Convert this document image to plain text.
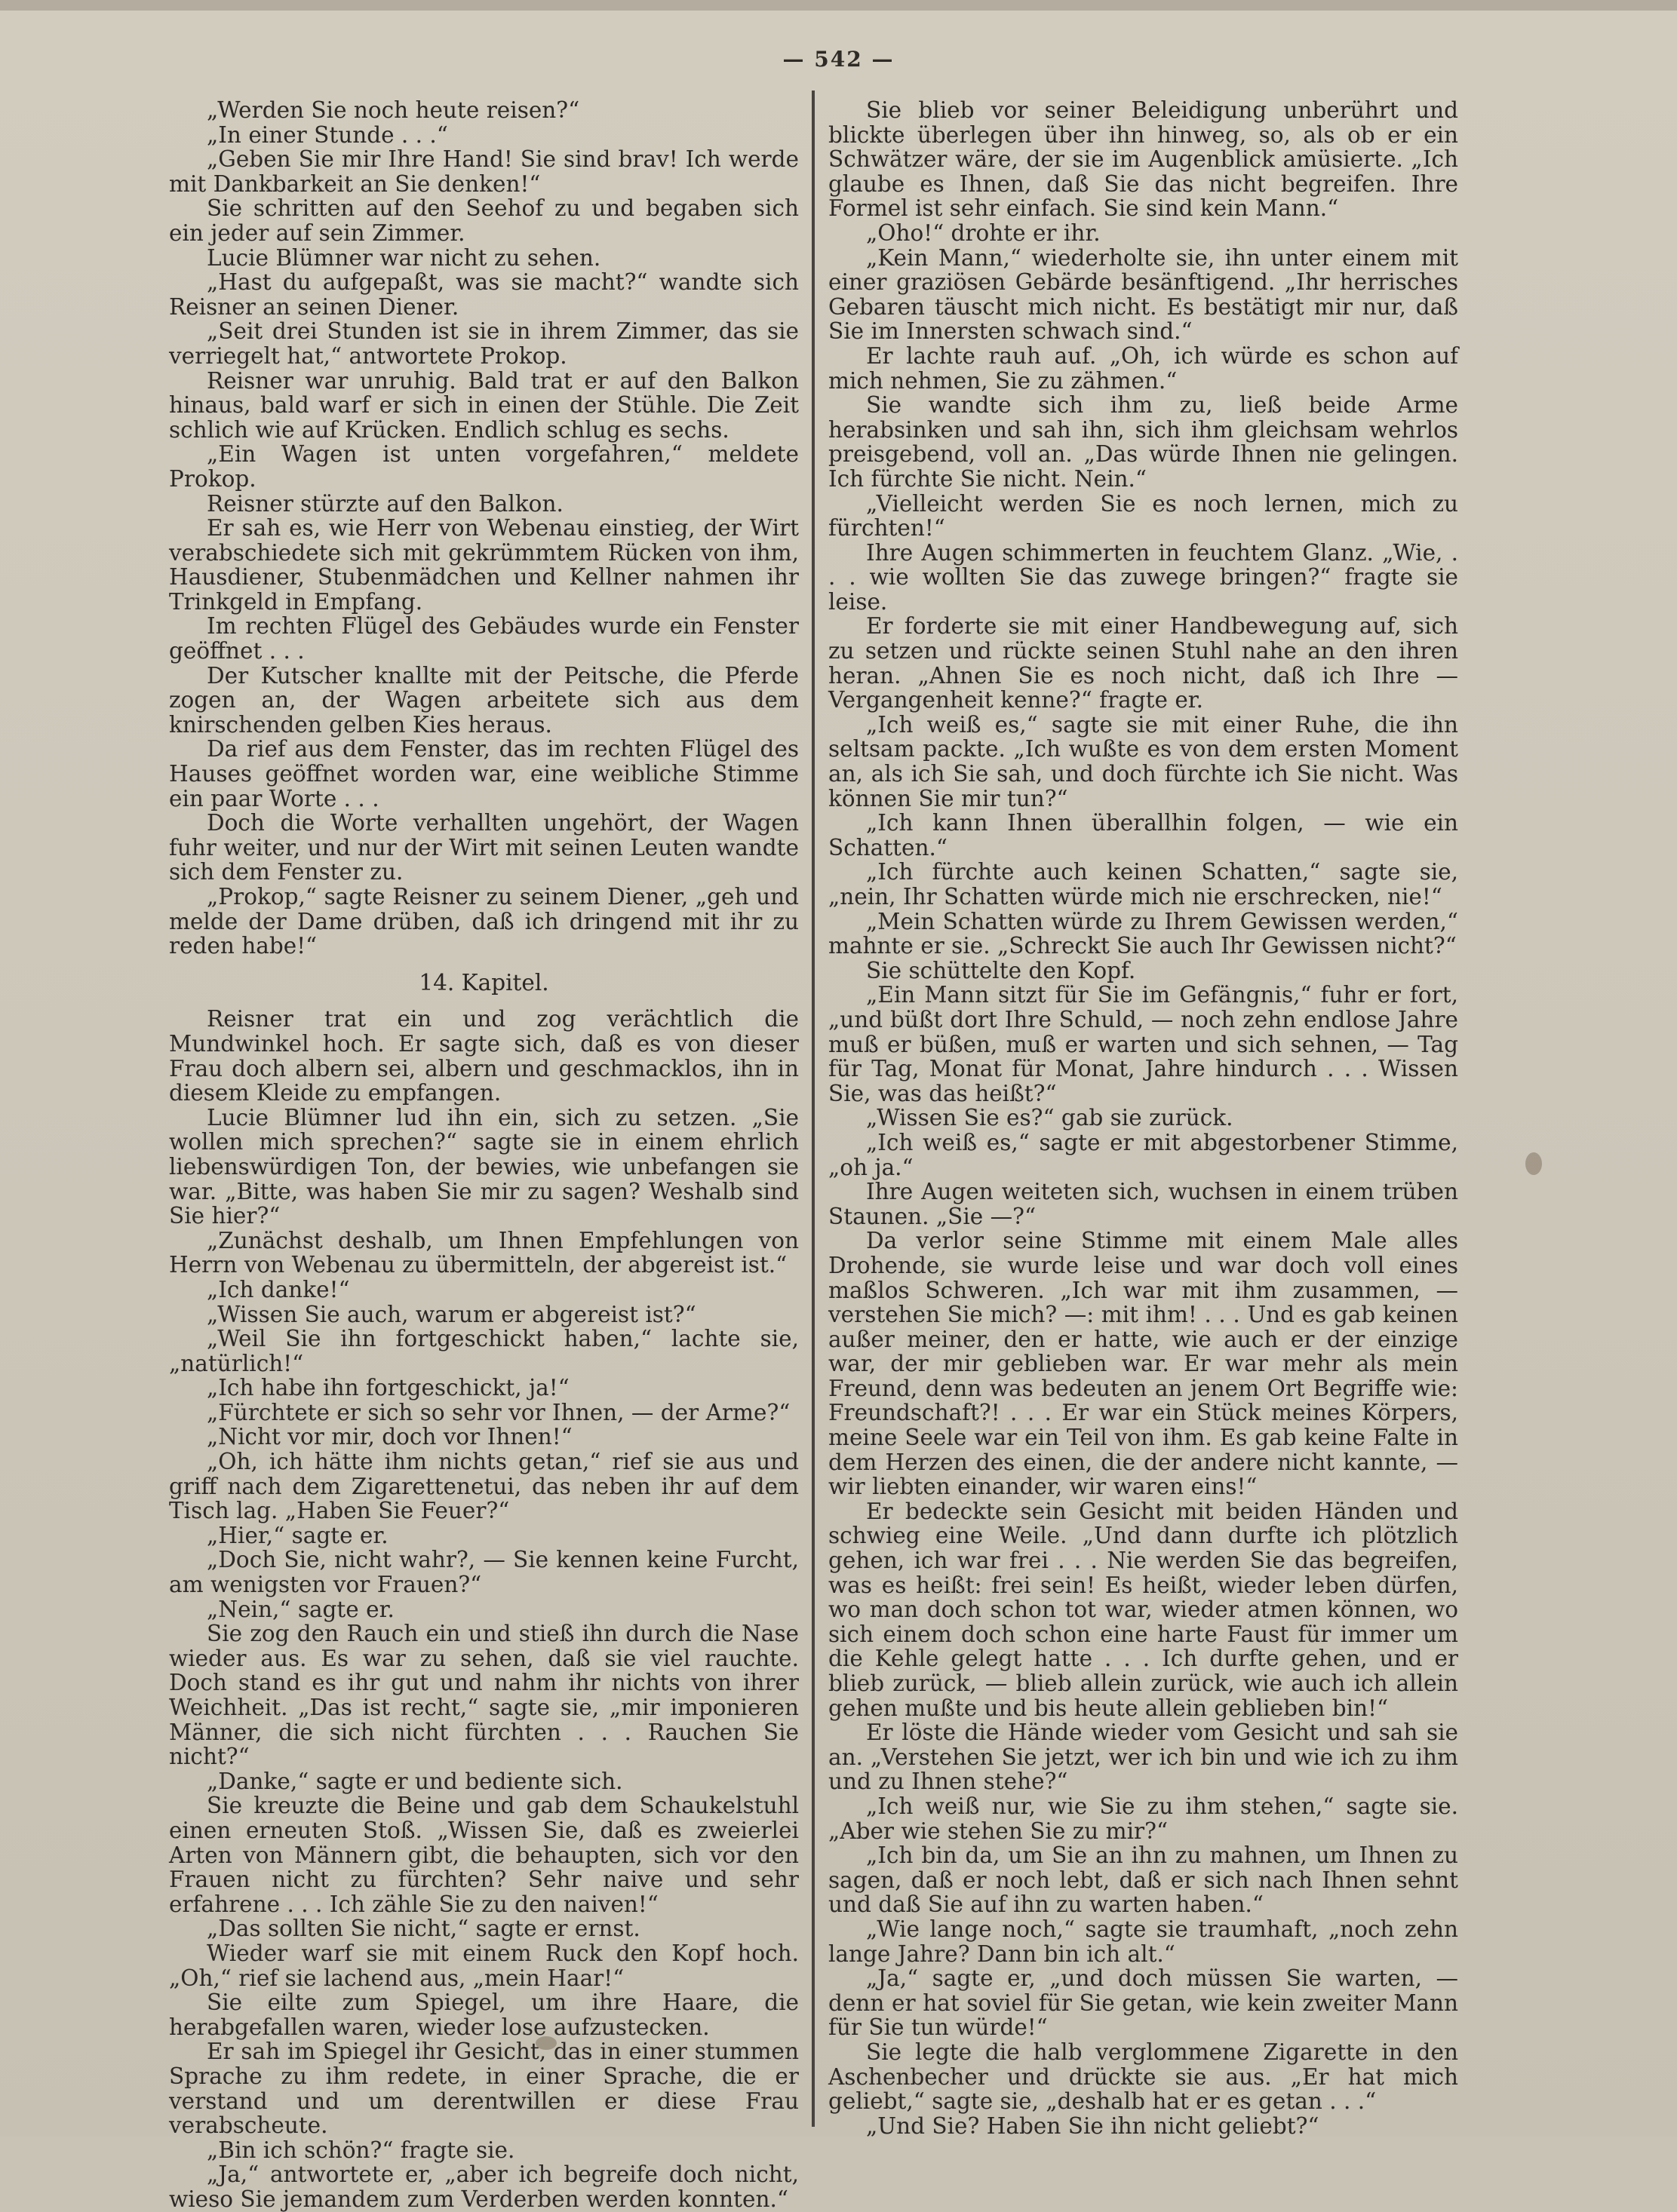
— 542 —

„Werden Sie noch heute reisen?“

„In einer Stunde . . .“

„Geben Sie mir Ihre Hand! Sie sind brav! Ich werde mit Dankbarkeit an Sie denken!“

Sie schritten auf den Seehof zu und begaben sich ein jeder auf sein Zimmer.

Lucie Blümner war nicht zu sehen.

„Hast du aufgepaßt, was sie macht?“ wandte sich Reisner an seinen Diener.

„Seit drei Stunden ist sie in ihrem Zimmer, das sie verriegelt hat,“ antwortete Prokop.

Reisner war unruhig. Bald trat er auf den Balkon hinaus, bald warf er sich in einen der Stühle. Die Zeit schlich wie auf Krücken. Endlich schlug es sechs.

„Ein Wagen ist unten vorgefahren,“ meldete Prokop.

Reisner stürzte auf den Balkon.

Er sah es, wie Herr von Webenau einstieg, der Wirt verabschiedete sich mit gekrümmtem Rücken von ihm, Hausdiener, Stubenmädchen und Kellner nahmen ihr Trinkgeld in Empfang.

Im rechten Flügel des Gebäudes wurde ein Fenster geöffnet . . .

Der Kutscher knallte mit der Peitsche, die Pferde zogen an, der Wagen arbeitete sich aus dem knirschenden gelben Kies heraus.

Da rief aus dem Fenster, das im rechten Flügel des Hauses geöffnet worden war, eine weibliche Stimme ein paar Worte . . .

Doch die Worte verhallten ungehört, der Wagen fuhr weiter, und nur der Wirt mit seinen Leuten wandte sich dem Fenster zu.

„Prokop,“ sagte Reisner zu seinem Diener, „geh und melde der Dame drüben, daß ich dringend mit ihr zu reden habe!“

14. Kapitel.

Reisner trat ein und zog verächtlich die Mundwinkel hoch. Er sagte sich, daß es von dieser Frau doch albern sei, albern und geschmacklos, ihn in diesem Kleide zu empfangen.

Lucie Blümner lud ihn ein, sich zu setzen. „Sie wollen mich sprechen?“ sagte sie in einem ehrlich liebenswürdigen Ton, der bewies, wie unbefangen sie war. „Bitte, was haben Sie mir zu sagen? Weshalb sind Sie hier?“

„Zunächst deshalb, um Ihnen Empfehlungen von Herrn von Webenau zu übermitteln, der abgereist ist.“

„Ich danke!“

„Wissen Sie auch, warum er abgereist ist?“

„Weil Sie ihn fortgeschickt haben,“ lachte sie, „natürlich!“

„Ich habe ihn fortgeschickt, ja!“

„Fürchtete er sich so sehr vor Ihnen, — der Arme?“

„Nicht vor mir, doch vor Ihnen!“

„Oh, ich hätte ihm nichts getan,“ rief sie aus und griff nach dem Zigarettenetui, das neben ihr auf dem Tisch lag. „Haben Sie Feuer?“

„Hier,“ sagte er.

„Doch Sie, nicht wahr?, — Sie kennen keine Furcht, am wenigsten vor Frauen?“

„Nein,“ sagte er.

Sie zog den Rauch ein und stieß ihn durch die Nase wieder aus. Es war zu sehen, daß sie viel rauchte. Doch stand es ihr gut und nahm ihr nichts von ihrer Weichheit. „Das ist recht,“ sagte sie, „mir imponieren Männer, die sich nicht fürchten . . . Rauchen Sie nicht?“

„Danke,“ sagte er und bediente sich.

Sie kreuzte die Beine und gab dem Schaukelstuhl einen erneuten Stoß. „Wissen Sie, daß es zweierlei Arten von Männern gibt, die behaupten, sich vor den Frauen nicht zu fürchten? Sehr naive und sehr erfahrene . . . Ich zähle Sie zu den naiven!“

„Das sollten Sie nicht,“ sagte er ernst.

Wieder warf sie mit einem Ruck den Kopf hoch. „Oh,“ rief sie lachend aus, „mein Haar!“

Sie eilte zum Spiegel, um ihre Haare, die herabgefallen waren, wieder lose aufzustecken.

Er sah im Spiegel ihr Gesicht, das in einer stummen Sprache zu ihm redete, in einer Sprache, die er verstand und um derentwillen er diese Frau verabscheute.

„Bin ich schön?“ fragte sie.

„Ja,“ antwortete er, „aber ich begreife doch nicht, wieso Sie jemandem zum Verderben werden konnten.“

Sie blieb vor seiner Beleidigung unberührt und blickte überlegen über ihn hinweg, so, als ob er ein Schwätzer wäre, der sie im Augenblick amüsierte. „Ich glaube es Ihnen, daß Sie das nicht begreifen. Ihre Formel ist sehr einfach. Sie sind kein Mann.“

„Oho!“ drohte er ihr.

„Kein Mann,“ wiederholte sie, ihn unter einem mit einer graziösen Gebärde besänftigend. „Ihr herrisches Gebaren täuscht mich nicht. Es bestätigt mir nur, daß Sie im Innersten schwach sind.“

Er lachte rauh auf. „Oh, ich würde es schon auf mich nehmen, Sie zu zähmen.“

Sie wandte sich ihm zu, ließ beide Arme herabsinken und sah ihn, sich ihm gleichsam wehrlos preisgebend, voll an. „Das würde Ihnen nie gelingen. Ich fürchte Sie nicht. Nein.“

„Vielleicht werden Sie es noch lernen, mich zu fürchten!“

Ihre Augen schimmerten in feuchtem Glanz. „Wie, . . . wie wollten Sie das zuwege bringen?“ fragte sie leise.

Er forderte sie mit einer Handbewegung auf, sich zu setzen und rückte seinen Stuhl nahe an den ihren heran. „Ahnen Sie es noch nicht, daß ich Ihre — Vergangenheit kenne?“ fragte er.

„Ich weiß es,“ sagte sie mit einer Ruhe, die ihn seltsam packte. „Ich wußte es von dem ersten Moment an, als ich Sie sah, und doch fürchte ich Sie nicht. Was können Sie mir tun?“

„Ich kann Ihnen überallhin folgen, — wie ein Schatten.“

„Ich fürchte auch keinen Schatten,“ sagte sie, „nein, Ihr Schatten würde mich nie erschrecken, nie!“

„Mein Schatten würde zu Ihrem Gewissen werden,“ mahnte er sie. „Schreckt Sie auch Ihr Gewissen nicht?“

Sie schüttelte den Kopf.

„Ein Mann sitzt für Sie im Gefängnis,“ fuhr er fort, „und büßt dort Ihre Schuld, — noch zehn endlose Jahre muß er büßen, muß er warten und sich sehnen, — Tag für Tag, Monat für Monat, Jahre hindurch . . . Wissen Sie, was das heißt?“

„Wissen Sie es?“ gab sie zurück.

„Ich weiß es,“ sagte er mit abgestorbener Stimme, „oh ja.“

Ihre Augen weiteten sich, wuchsen in einem trüben Staunen. „Sie —?“

Da verlor seine Stimme mit einem Male alles Drohende, sie wurde leise und war doch voll eines maßlos Schweren. „Ich war mit ihm zusammen, — verstehen Sie mich? —: mit ihm! . . . Und es gab keinen außer meiner, den er hatte, wie auch er der einzige war, der mir geblieben war. Er war mehr als mein Freund, denn was bedeuten an jenem Ort Begriffe wie: Freundschaft?! . . . Er war ein Stück meines Körpers, meine Seele war ein Teil von ihm. Es gab keine Falte in dem Herzen des einen, die der andere nicht kannte, — wir liebten einander, wir waren eins!“

Er bedeckte sein Gesicht mit beiden Händen und schwieg eine Weile. „Und dann durfte ich plötzlich gehen, ich war frei . . . Nie werden Sie das begreifen, was es heißt: frei sein! Es heißt, wieder leben dürfen, wo man doch schon tot war, wieder atmen können, wo sich einem doch schon eine harte Faust für immer um die Kehle gelegt hatte . . . Ich durfte gehen, und er blieb zurück, — blieb allein zurück, wie auch ich allein gehen mußte und bis heute allein geblieben bin!“

Er löste die Hände wieder vom Gesicht und sah sie an. „Verstehen Sie jetzt, wer ich bin und wie ich zu ihm und zu Ihnen stehe?“

„Ich weiß nur, wie Sie zu ihm stehen,“ sagte sie. „Aber wie stehen Sie zu mir?“

„Ich bin da, um Sie an ihn zu mahnen, um Ihnen zu sagen, daß er noch lebt, daß er sich nach Ihnen sehnt und daß Sie auf ihn zu warten haben.“

„Wie lange noch,“ sagte sie traumhaft, „noch zehn lange Jahre? Dann bin ich alt.“

„Ja,“ sagte er, „und doch müssen Sie warten, — denn er hat soviel für Sie getan, wie kein zweiter Mann für Sie tun würde!“

Sie legte die halb verglommene Zigarette in den Aschenbecher und drückte sie aus. „Er hat mich geliebt,“ sagte sie, „deshalb hat er es getan . . .“

„Und Sie? Haben Sie ihn nicht geliebt?“
